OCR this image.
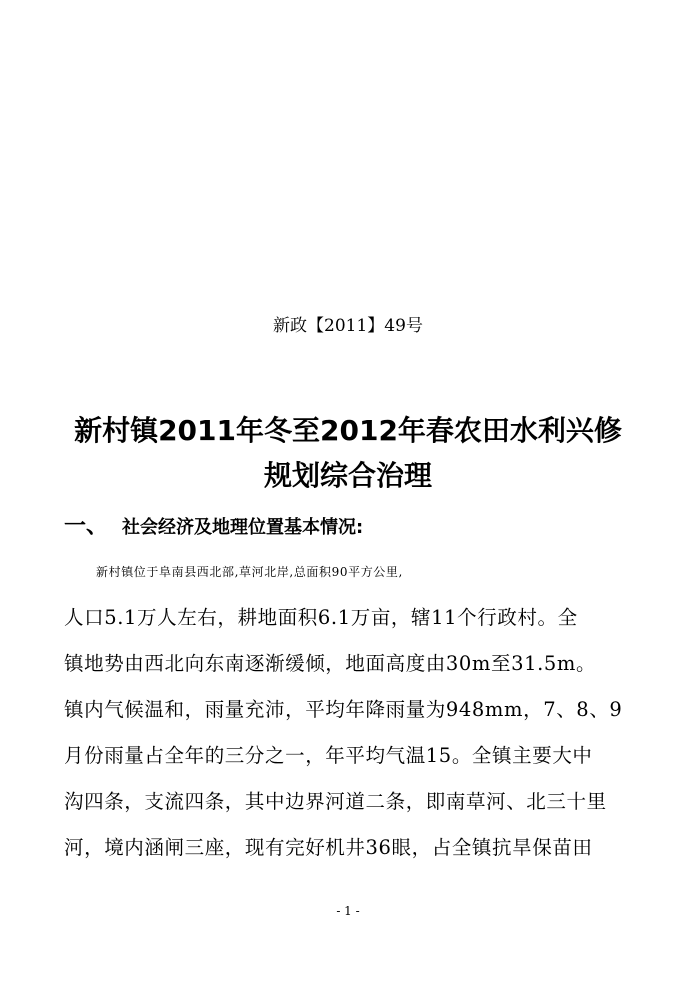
新政【2011】49号
新村镇2011年冬至2012年春农田水利兴修
规划综合治理
一、 社会经济及地理位置基本情况:
新村镇位于阜南县西北部,草河北岸,总面积90平方公里,
人口5.1万人左右，耕地面积6.1万亩，辖11个行政村。全
镇地势由西北向东南逐渐缓倾，地面高度由30m至31.5m。
镇内气候温和，雨量充沛，平均年降雨量为948mm，7、8、9
月份雨量占全年的三分之一，年平均气温15。全镇主要大中
沟四条，支流四条，其中边界河道二条，即南草河、北三十里
河，境内涵闸三座，现有完好机井36眼，占全镇抗旱保苗田
- 1 -
